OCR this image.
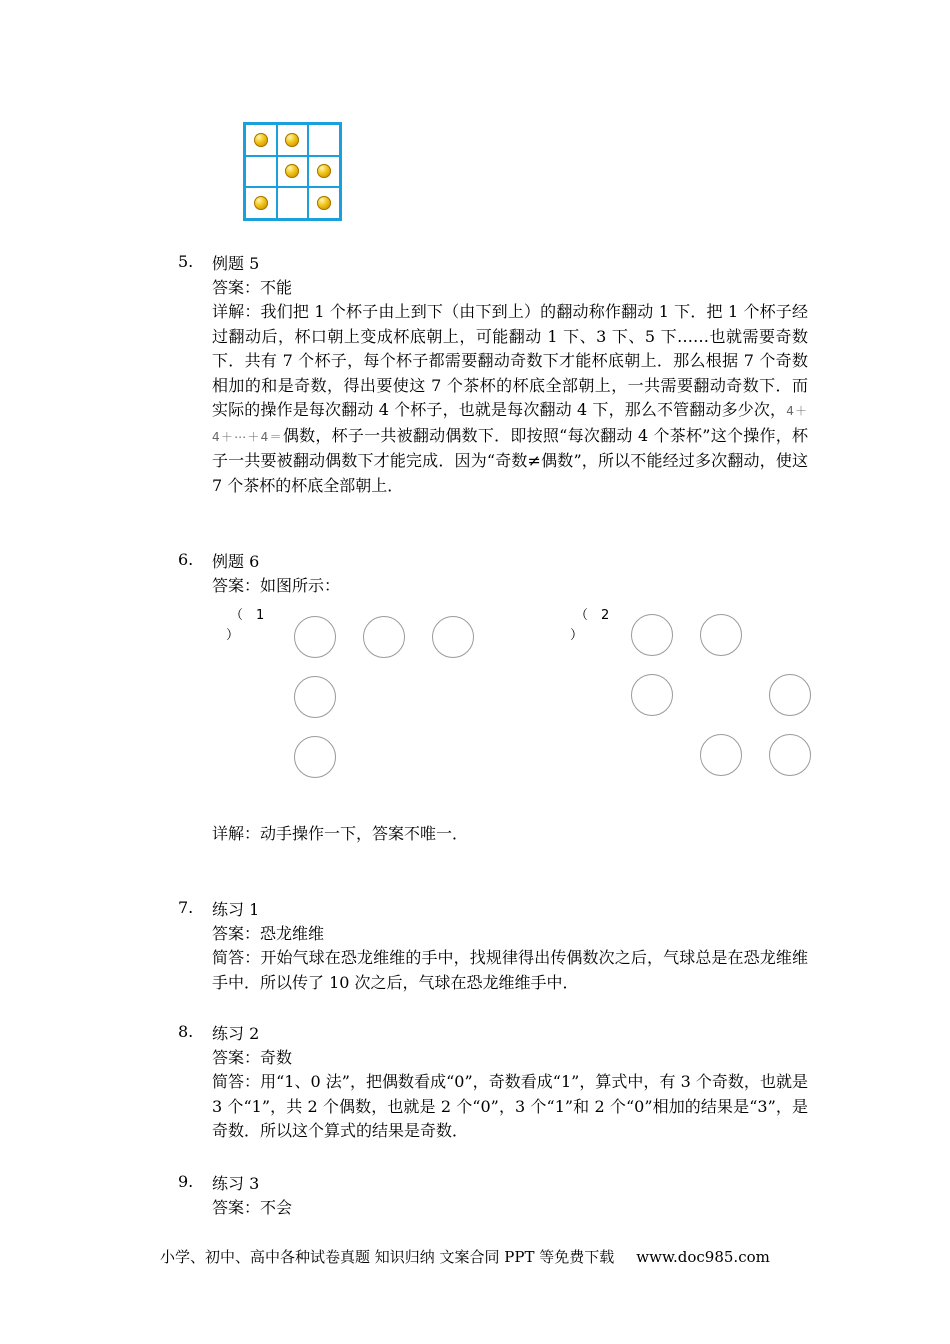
5.	例题 5
答案：不能
详解：我们把 1 个杯子由上到下（由下到上）的翻动称作翻动 1 下．把 1 个杯子经过翻动后，杯口朝上变成杯底朝上，可能翻动 1 下、3 下、5 下……也就需要奇数下．共有 7 个杯子，每个杯子都需要翻动奇数下才能杯底朝上．那么根据 7 个奇数相加的和是奇数，得出要使这 7 个茶杯的杯底全部朝上，一共需要翻动奇数下．而实际的操作是每次翻动 4 个杯子，也就是每次翻动 4 下，那么不管翻动多少次，4＋4＋⋯＋4＝偶数，杯子一共被翻动偶数下．即按照“每次翻动 4 个茶杯”这个操作，杯子一共要被翻动偶数下才能完成．因为“奇数≠偶数”，所以不能经过多次翻动，使这 7 个茶杯的杯底全部朝上．
6.	例题 6
答案：如图所示：
（　1
）
（　2
）
详解：动手操作一下，答案不唯一．
7.	练习 1
答案：恐龙维维
简答：开始气球在恐龙维维的手中，找规律得出传偶数次之后，气球总是在恐龙维维手中．所以传了 10 次之后，气球在恐龙维维手中．
8.	练习 2
答案：奇数
简答：用“1、0 法”，把偶数看成“0”，奇数看成“1”，算式中，有 3 个奇数，也就是 3 个“1”，共 2 个偶数，也就是 2 个“0”，3 个“1”和 2 个“0”相加的结果是“3”，是奇数．所以这个算式的结果是奇数．
9.	练习 3
答案：不会
小学、初中、高中各种试卷真题 知识归纳 文案合同 PPT 等免费下载 www.doc985.com
